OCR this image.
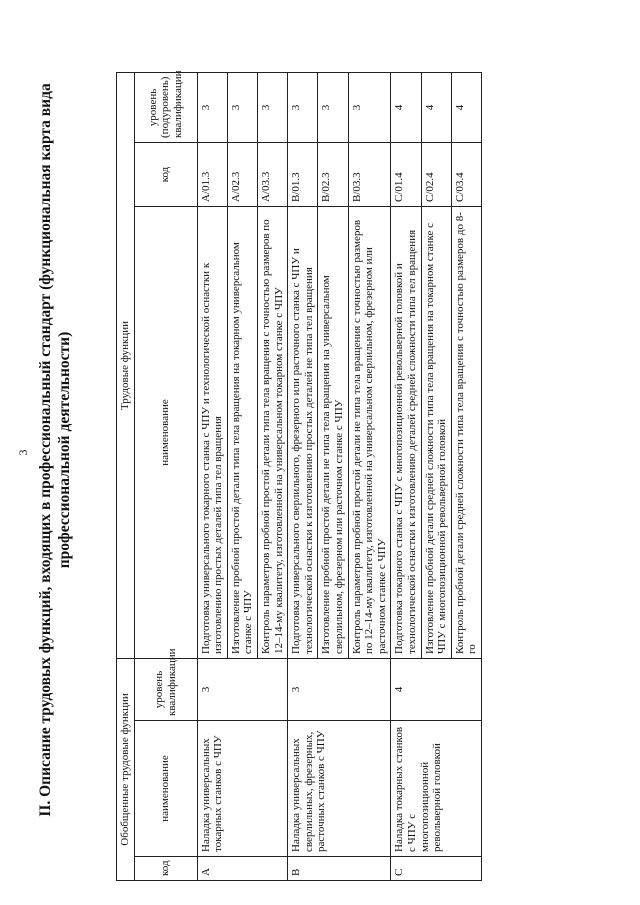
3 II. Описание трудовых функций, входящих в профессиональный стандарт (функциональная карта вида профессиональной деятельности)
Обобщенные трудовые функции			Трудовые функции		
код	наименование	уровень квалификации	наименование	код	уровень (подуровень) квалификации
А	Наладка универсальных токарных станков с ЧПУ	3	Подготовка универсального токарного станка с ЧПУ и технологической оснастки к изготовлению простых деталей типа тел вращения	А/01.3	3
			Изготовление пробной простой детали типа тела вращения на токарном универсальном станке с ЧПУ	А/02.3	3
			Контроль параметров пробной простой детали типа тела вращения с точностью размеров по 12–14-му квалитету, изготовленной на универсальном токарном станке с ЧПУ	А/03.3	3
В	Наладка универсальных сверлильных, фрезерных, расточных станков с ЧПУ	3	Подготовка универсального сверлильного, фрезерного или расточного станка с ЧПУ и технологической оснастки к изготовлению простых деталей не типа тел вращения	В/01.3	3
			Изготовление пробной простой детали не типа тела вращения на универсальном сверлильном, фрезерном или расточном станке с ЧПУ	В/02.3	3
			Контроль параметров пробной простой детали не типа тела вращения с точностью размеров по 12–14-му квалитету, изготовленной на универсальном сверлильном, фрезерном или расточном станке с ЧПУ	В/03.3	3
С	Наладка токарных станков с ЧПУ с многопозиционной револьверной головкой	4	Подготовка токарного станка с ЧПУ с многопозиционной револьверной головкой и технологической оснастки к изготовлению деталей средней сложности типа тел вращения	С/01.4	4
			Изготовление пробной детали средней сложности типа тела вращения на токарном станке с ЧПУ с многопозиционной револьверной головкой	С/02.4	4
			Контроль пробной детали средней сложности типа тела вращения с точностью размеров до 8-го	С/03.4	4
